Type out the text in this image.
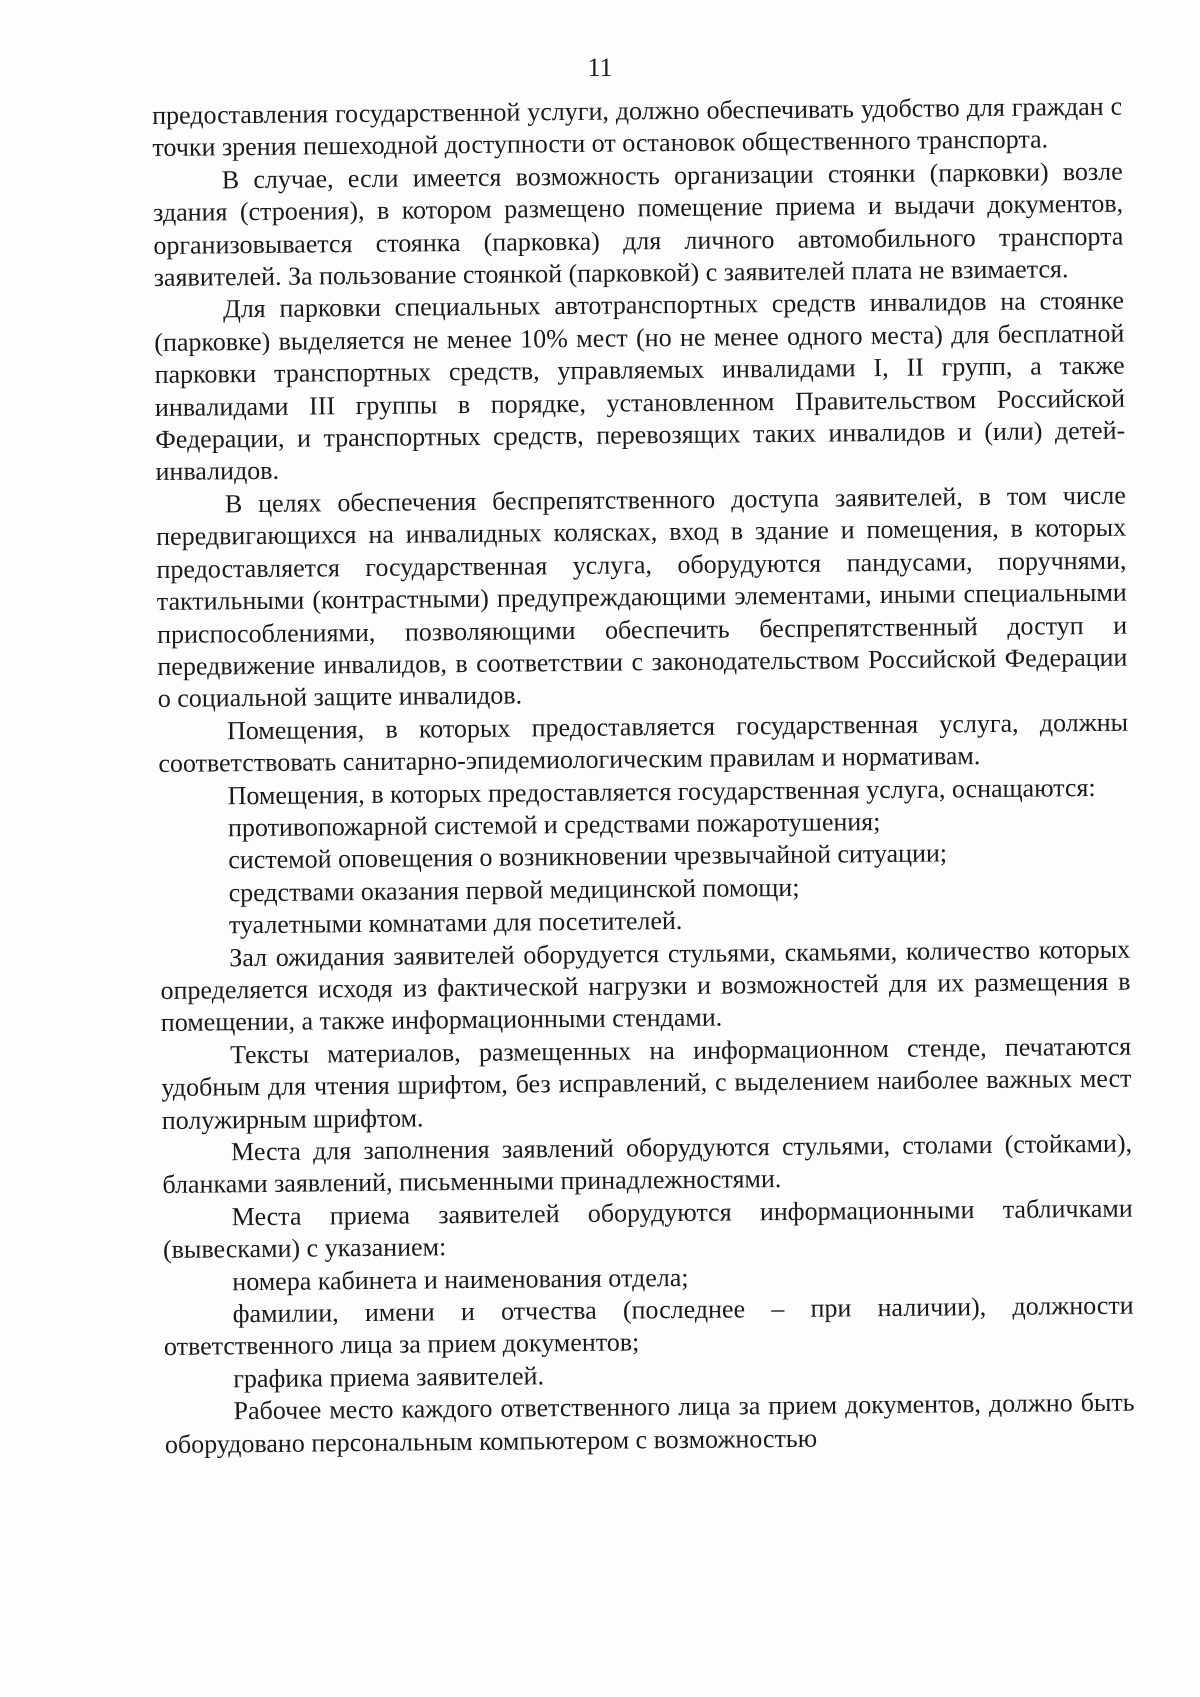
11

предоставления государственной услуги, должно обеспечивать удобство для граждан с точки зрения пешеходной доступности от остановок общественного транспорта.

В случае, если имеется возможность организации стоянки (парковки) возле здания (строения), в котором размещено помещение приема и выдачи документов, организовывается стоянка (парковка) для личного автомобильного транспорта заявителей. За пользование стоянкой (парковкой) с заявителей плата не взимается.

Для парковки специальных автотранспортных средств инвалидов на стоянке (парковке) выделяется не менее 10% мест (но не менее одного места) для бесплатной парковки транспортных средств, управляемых инвалидами I, II групп, а также инвалидами III группы в порядке, установленном Правительством Российской Федерации, и транспортных средств, перевозящих таких инвалидов и (или) детей-инвалидов.

В целях обеспечения беспрепятственного доступа заявителей, в том числе передвигающихся на инвалидных колясках, вход в здание и помещения, в которых предоставляется государственная услуга, оборудуются пандусами, поручнями, тактильными (контрастными) предупреждающими элементами, иными специальными приспособлениями, позволяющими обеспечить беспрепятственный доступ и передвижение инвалидов, в соответствии с законодательством Российской Федерации о социальной защите инвалидов.

Помещения, в которых предоставляется государственная услуга, должны соответствовать санитарно-эпидемиологическим правилам и нормативам.

Помещения, в которых предоставляется государственная услуга, оснащаются:

противопожарной системой и средствами пожаротушения;

системой оповещения о возникновении чрезвычайной ситуации;

средствами оказания первой медицинской помощи;

туалетными комнатами для посетителей.

Зал ожидания заявителей оборудуется стульями, скамьями, количество которых определяется исходя из фактической нагрузки и возможностей для их размещения в помещении, а также информационными стендами.

Тексты материалов, размещенных на информационном стенде, печатаются удобным для чтения шрифтом, без исправлений, с выделением наиболее важных мест полужирным шрифтом.

Места для заполнения заявлений оборудуются стульями, столами (стойками), бланками заявлений, письменными принадлежностями.

Места приема заявителей оборудуются информационными табличками (вывесками) с указанием:

номера кабинета и наименования отдела;

фамилии, имени и отчества (последнее – при наличии), должности ответственного лица за прием документов;

графика приема заявителей.

Рабочее место каждого ответственного лица за прием документов, должно быть оборудовано персональным компьютером с возможностью
